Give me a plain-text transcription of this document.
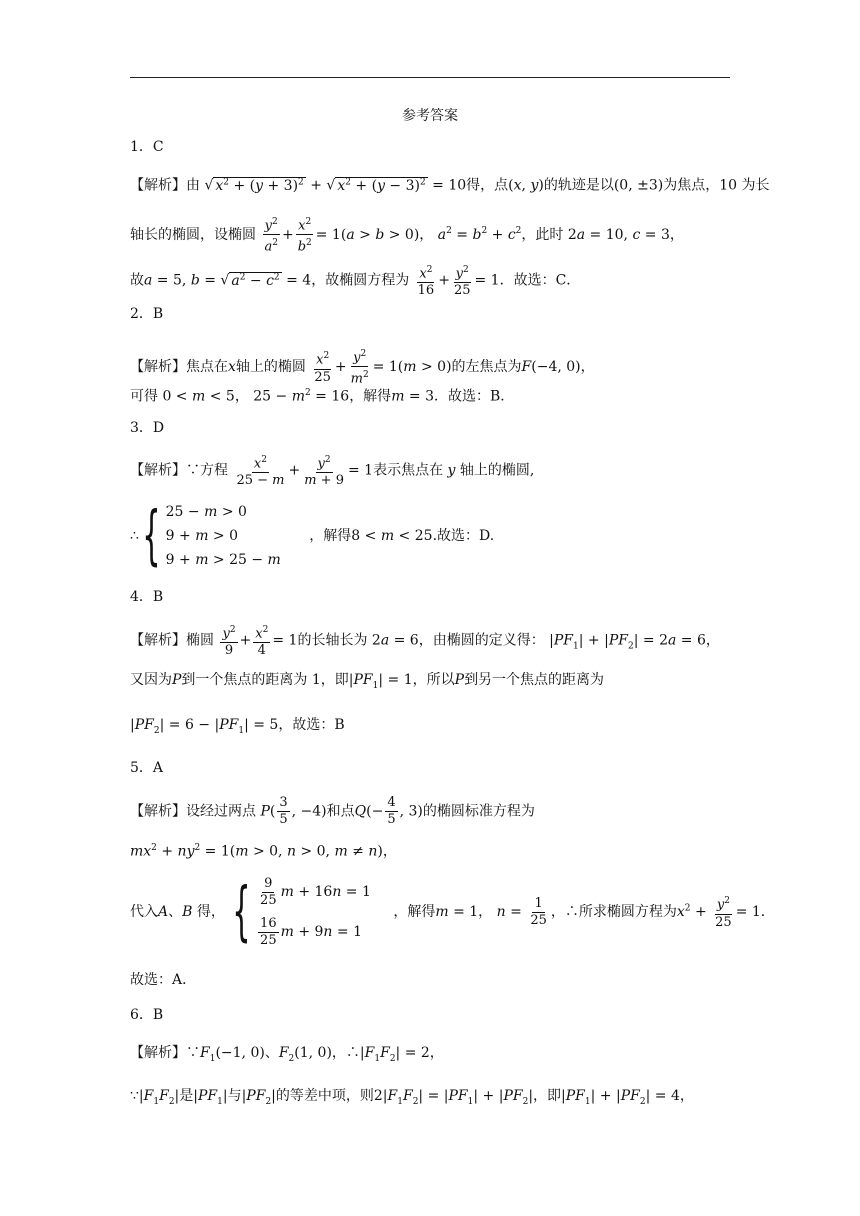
参考答案
1．C
【解析】由 √ $x^2 + (y + 3)^2$ + √ $x^2 + (y - 3)^2 = 10$得，点(x, y)的轨迹是以(0, ±3)为焦点，10 为长
轴长的椭圆，设椭圆 $\frac{y^2}{a^2} + \frac{x^2}{b^2} = 1(a > b > 0)$， $a^2 = b^2 + c^2$，此时 2a = 10, c = 3，
故a = 5, b = √ $a^2 - c^2 = 4$，故椭圆方程为 $\frac{x^2}{16} + \frac{y^2}{25} = 1$．故选：C．
2．B
【解析】焦点在x轴上的椭圆 $\frac{x^2}{25} + \frac{y^2}{m^2} = 1(m > 0)$的左焦点为F(−4, 0)，
可得 0 < m < 5， $25 - m^2 = 16$，解得m = 3．故选：B．
3．D
【解析】∵方程 $\frac{x^2}{25 - m} + \frac{y^2}{m + 9} = 1$表示焦点在 y 轴上的椭圆,
∴ { 25 − m > 0
9 + m > 0
9 + m > 25 − m
，解得8 < m < 25.故选：D.
4．B
【解析】椭圆 $\frac{y^2}{9} + \frac{x^2}{4} = 1$的长轴长为 2a = 6，由椭圆的定义得： $|PF_1| + |PF_2| = 2a = 6$，
又因为P到一个焦点的距离为 1，即$|PF_1| = 1$，所以P到另一个焦点的距离为
$|PF_2| = 6 - |PF_1| = 5$，故选：B
5．A
【解析】设经过两点 $P( \frac{3}{5}$ , −4)和点$Q(- \frac{4}{5}$ , 3)的椭圆标准方程为
$mx^2 + ny^2 = 1(m > 0$, n > 0, m ≠ n)，
代入A、B 得， { $\frac{9}{25}$ m + 16n = 1
$\frac{16}{25}$ m + 9n = 1
，解得m = 1， $n = \frac{1}{25}$ ，∴所求椭圆方程为$x^2 + \frac{y^2}{25} = 1$．
故选：A．
6．B
【解析】$\because F_1(-1$, 0)、$F_2(1$, 0)，$\therefore|F_1F_2| = 2$，
$\because|F_1F_2|$是$|PF_1|$与$|PF_2|$的等差中项，则$2|F_1F_2| = |PF_1| + |PF_2|$，即$|PF_1| + |PF_2| = 4$，
